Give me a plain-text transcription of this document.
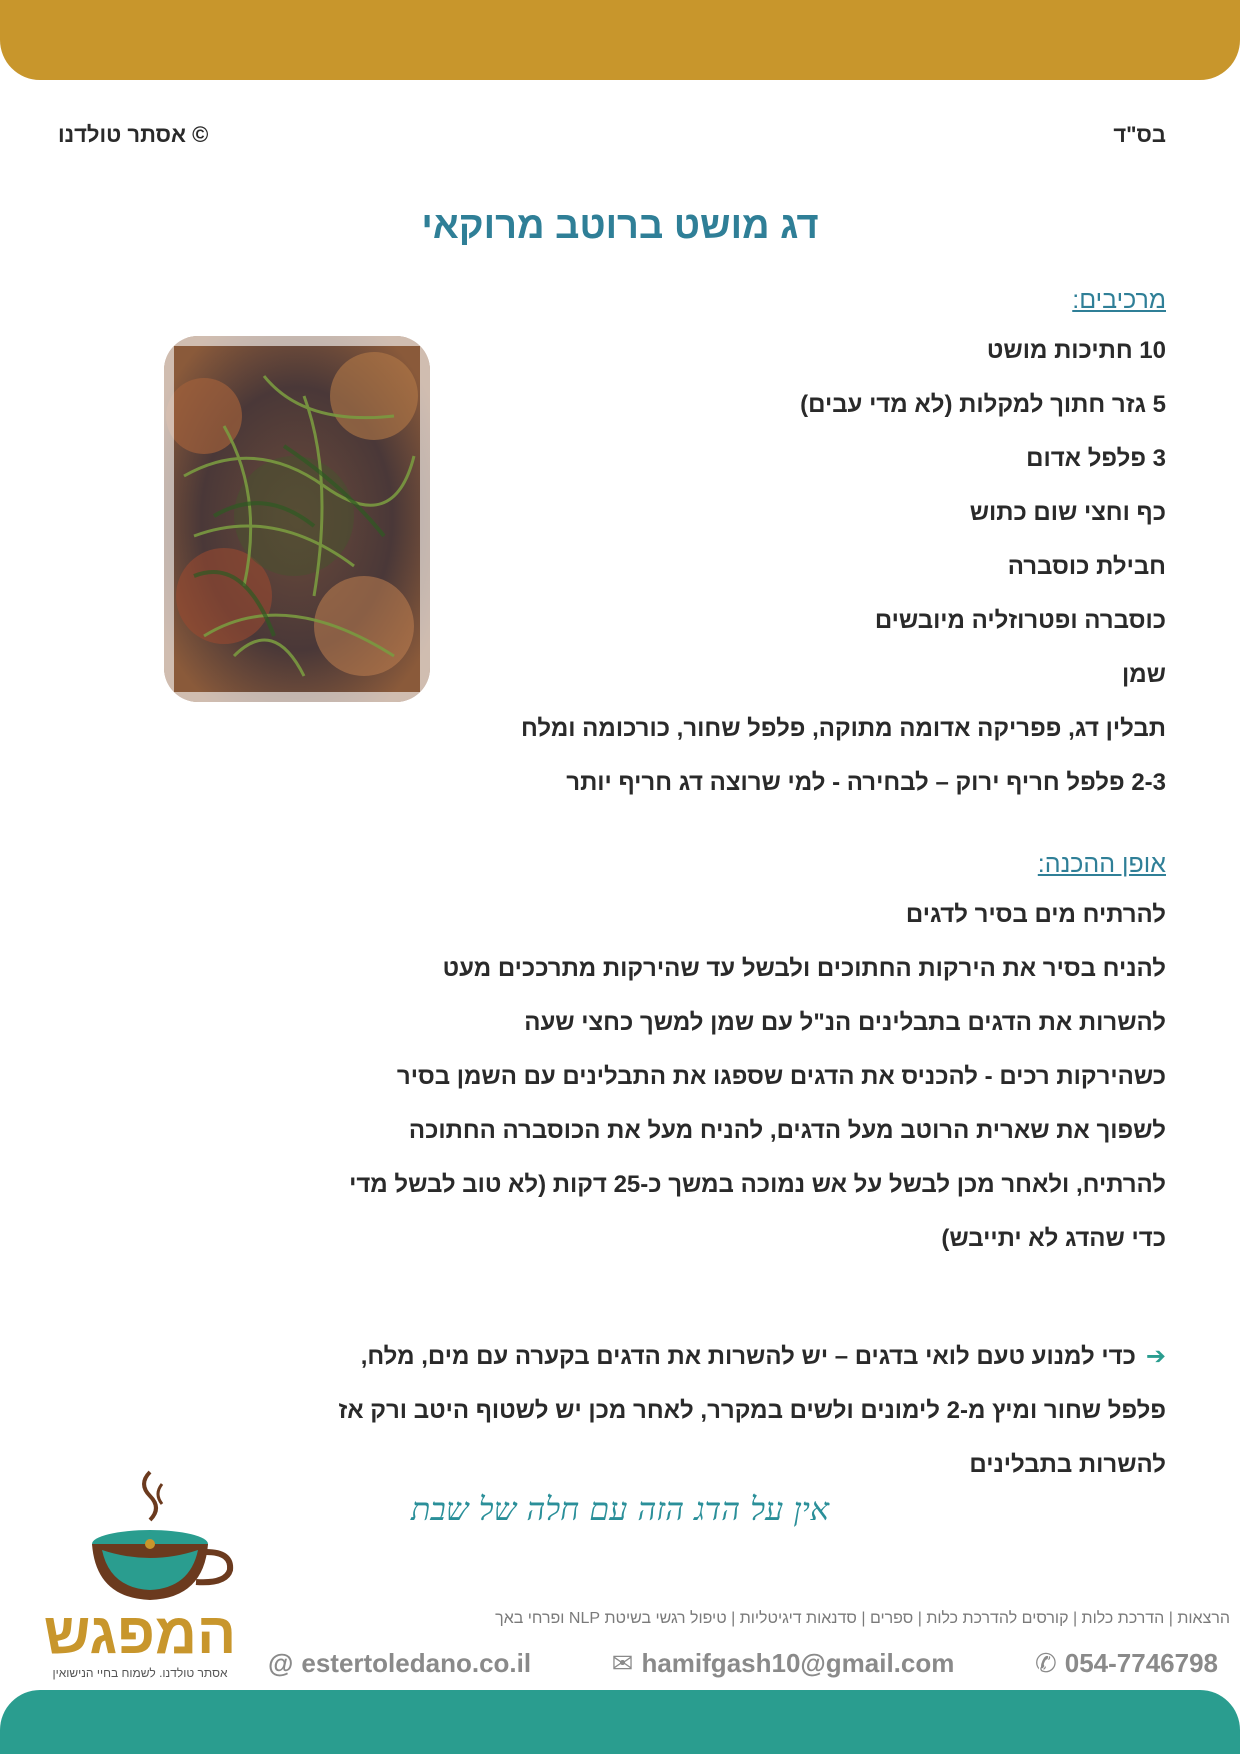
בס"ד
© אסתר טולדנו
דג מושט ברוטב מרוקאי
מרכיבים:
10 חתיכות מושט
5 גזר חתוך למקלות (לא מדי עבים)
3 פלפל אדום
כף וחצי שום כתוש
חבילת כוסברה
כוסברה ופטרוזליה מיובשים
שמן
תבלין דג, פפריקה אדומה מתוקה, פלפל שחור, כורכומה ומלח
2-3 פלפל חריף ירוק – לבחירה - למי שרוצה דג חריף יותר
אופן ההכנה:
להרתיח מים בסיר לדגים
להניח בסיר את הירקות החתוכים ולבשל עד שהירקות מתרככים מעט
להשרות את הדגים בתבלינים הנ"ל עם שמן למשך כחצי שעה
כשהירקות רכים - להכניס את הדגים שספגו את התבלינים עם השמן בסיר
לשפוך את שארית הרוטב מעל הדגים, להניח מעל את הכוסברה החתוכה
להרתיח, ולאחר מכן לבשל על אש נמוכה במשך כ-25 דקות (לא טוב לבשל מדי
כדי שהדג לא יתייבש)
➔כדי למנוע טעם לואי בדגים – יש להשרות את הדגים בקערה עם מים, מלח,
פלפל שחור ומיץ מ-2 לימונים ולשים במקרר, לאחר מכן יש לשטוף היטב ורק אז
להשרות בתבלינים
אין על הדג הזה עם חלה של שבת
המפגש
אסתר טולדנו. לשמוח בחיי הנישואין
הרצאות | הדרכת כלות | קורסים להדרכת כלות | ספרים | סדנאות דיגיטליות | טיפול רגשי בשיטת NLP ופרחי באך
@ estertoledano.co.il	✉ hamifgash10@gmail.com	✆ 054-7746798
